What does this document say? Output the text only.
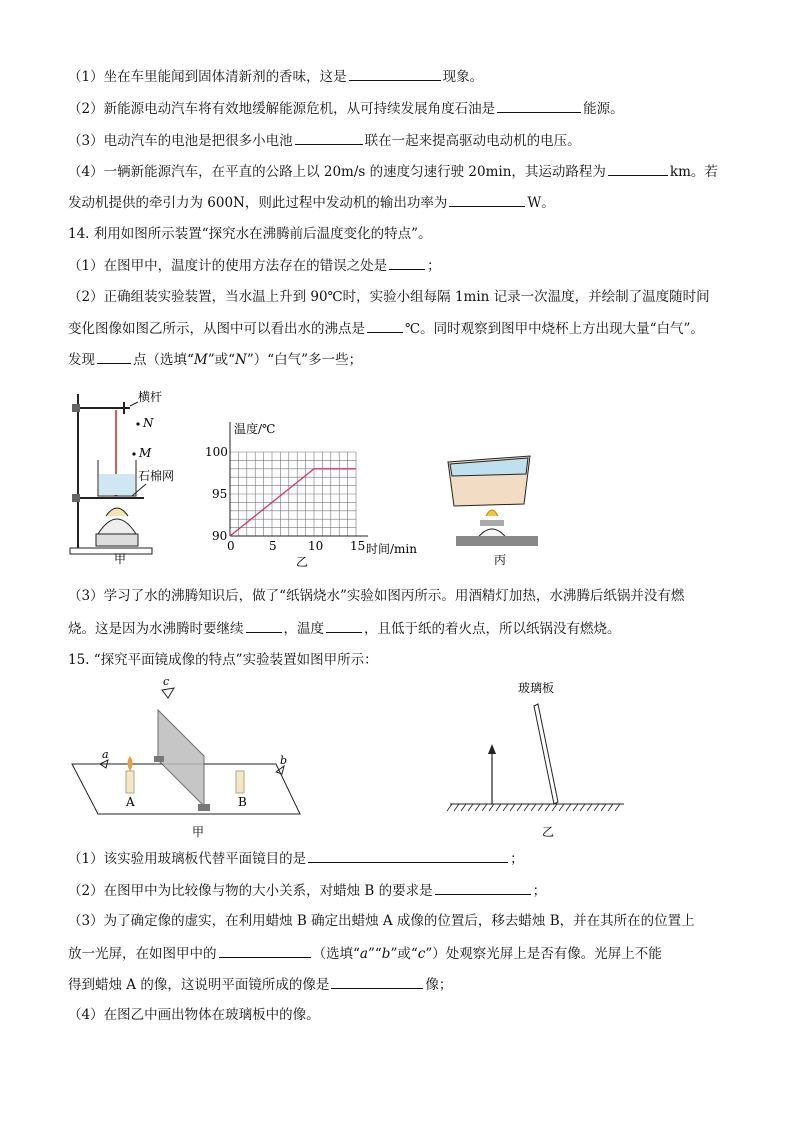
（1）坐在车里能闻到固体清新剂的香味，这是	现象。
（2）新能源电动汽车将有效地缓解能源危机，从可持续发展角度石油是	能源。
（3）电动汽车的电池是把很多小电池	联在一起来提高驱动电动机的电压。
（4）一辆新能源汽车，在平直的公路上以 20m/s 的速度匀速行驶 20min，其运动路程为	km。若
发动机提供的牵引力为 600N，则此过程中发动机的输出功率为	W。
14. 利用如图所示装置“探究水在沸腾前后温度变化的特点”。
（1）在图甲中，温度计的使用方法存在的错误之处是	；
（2）正确组装实验装置，当水温上升到 90℃时，实验小组每隔 1min 记录一次温度，并绘制了温度随时间
变化图像如图乙所示，从图中可以看出水的沸点是	℃。同时观察到图甲中烧杯上方出现大量“白气”。
发现	点（选填“M”或“N”）“白气”多一些；
横杆
N
M
石棉网
甲
温度/℃
时间/min
0	5	10 15
90
95
100
乙	丙
（3）学习了水的沸腾知识后，做了“纸锅烧水”实验如图丙所示。用酒精灯加热，水沸腾后纸锅并没有燃
烧。这是因为水沸腾时要继续	，温度	，且低于纸的着火点，所以纸锅没有燃烧。
15. “探究平面镜成像的特点”实验装置如图甲所示：
A	B
a	b
c
甲
玻璃板
乙
（1）该实验用玻璃板代替平面镜目的是	；
（2）在图甲中为比较像与物的大小关系，对蜡烛 B 的要求是	；
（3）为了确定像的虚实，在利用蜡烛 B 确定出蜡烛 A 成像的位置后，移去蜡烛 B，并在其所在的位置上
放一光屏，在如图甲中的	（选填“a”“b”或“c”）处观察光屏上是否有像。光屏上不能
得到蜡烛 A 的像，这说明平面镜所成的像是	像；
（4）在图乙中画出物体在玻璃板中的像。
